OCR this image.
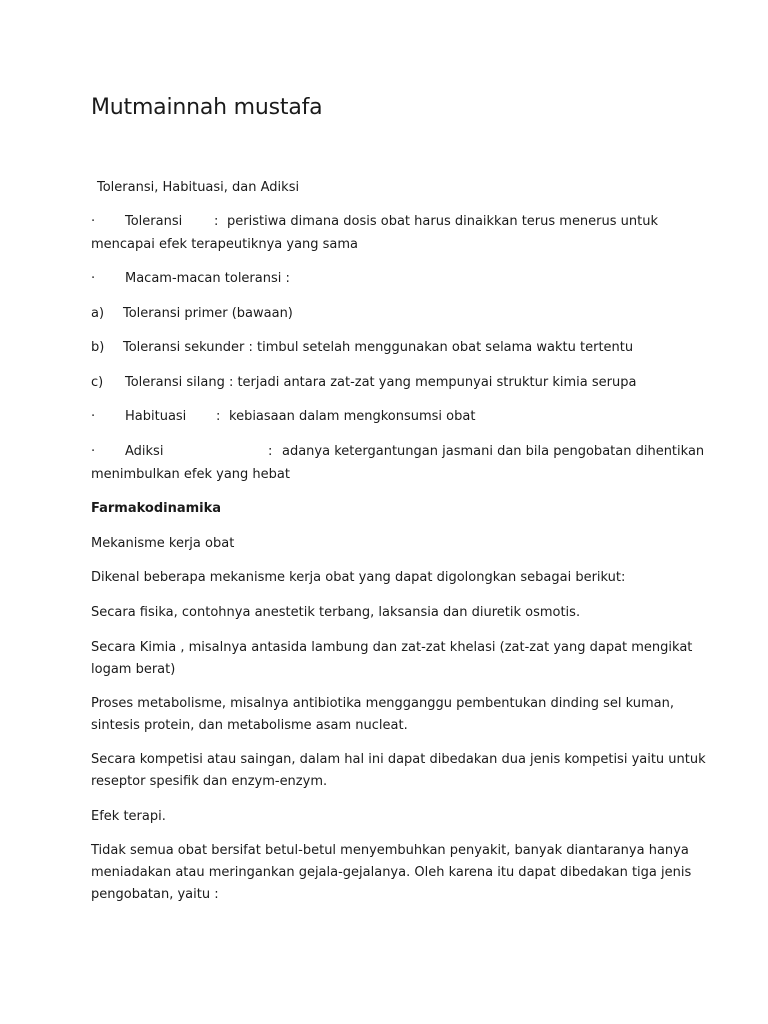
Mutmainnah mustafa

Toleransi, Habituasi, dan Adiksi

· Toleransi : peristiwa dimana dosis obat harus dinaikkan terus menerus untuk

mencapai efek terapeutiknya yang sama

· Macam-macan toleransi :
a) Toleransi primer (bawaan)
b) Toleransi sekunder : timbul setelah menggunakan obat selama waktu tertentu
c) Toleransi silang : terjadi antara zat-zat yang mempunyai struktur kimia serupa
· Habituasi : kebiasaan dalam mengkonsumsi obat
· Adiksi	: adanya ketergantungan jasmani dan bila pengobatan dihentikan

menimbulkan efek yang hebat

Farmakodinamika

Mekanisme kerja obat

Dikenal beberapa mekanisme kerja obat yang dapat digolongkan sebagai berikut:

Secara fisika, contohnya anestetik terbang, laksansia dan diuretik osmotis.

Secara Kimia , misalnya antasida lambung dan zat-zat khelasi (zat-zat yang dapat mengikat

logam berat)

Proses metabolisme, misalnya antibiotika mengganggu pembentukan dinding sel kuman,

sintesis protein, dan metabolisme asam nucleat.

Secara kompetisi atau saingan, dalam hal ini dapat dibedakan dua jenis kompetisi yaitu untuk

reseptor spesifik dan enzym-enzym.

Efek terapi.

Tidak semua obat bersifat betul-betul menyembuhkan penyakit, banyak diantaranya hanya

meniadakan atau meringankan gejala-gejalanya. Oleh karena itu dapat dibedakan tiga jenis

pengobatan, yaitu :
